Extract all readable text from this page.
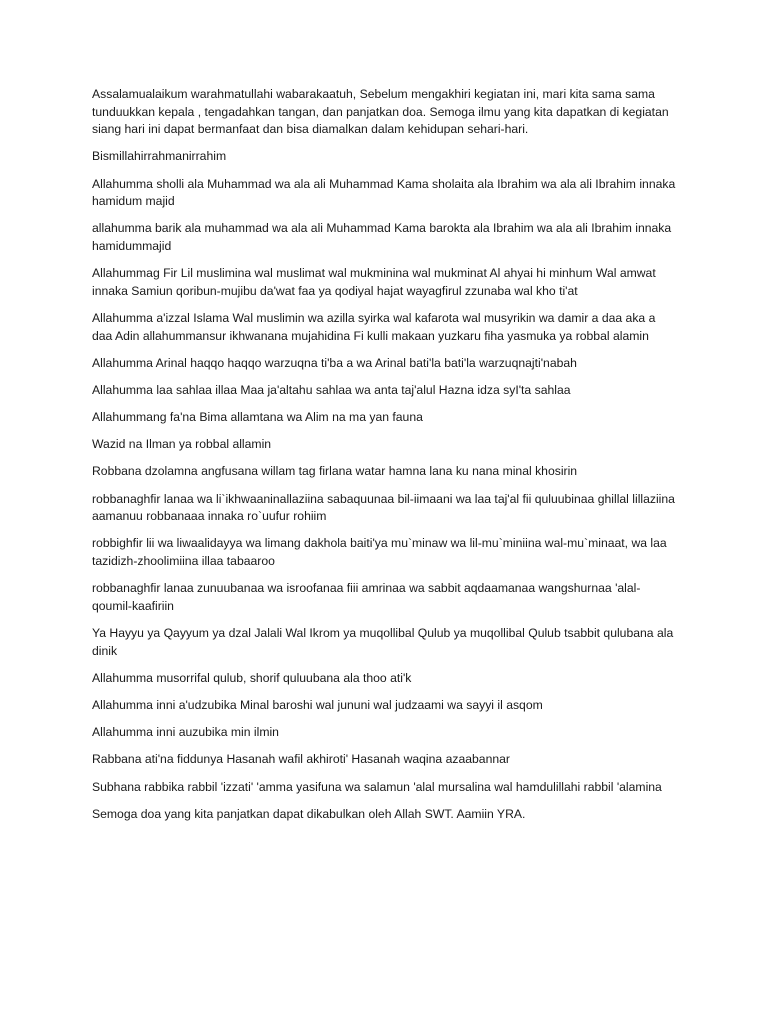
Assalamualaikum warahmatullahi wabarakaatuh, Sebelum mengakhiri kegiatan ini, mari kita sama sama tunduukkan kepala , tengadahkan tangan, dan panjatkan doa. Semoga ilmu yang kita dapatkan di kegiatan siang hari ini dapat bermanfaat dan bisa diamalkan dalam kehidupan sehari-hari.

Bismillahirrahmanirrahim

Allahumma sholli ala Muhammad wa ala ali Muhammad Kama sholaita ala Ibrahim wa ala ali Ibrahim innaka hamidum majid

allahumma barik ala muhammad wa ala ali Muhammad Kama barokta ala Ibrahim wa ala ali Ibrahim innaka hamidummajid

Allahummag Fir Lil muslimina wal muslimat wal mukminina wal mukminat Al ahyai hi minhum Wal amwat innaka Samiun qoribun-mujibu da'wat faa ya qodiyal hajat wayagfirul zzunaba wal kho ti'at

Allahumma a'izzal Islama Wal muslimin wa azilla syirka wal kafarota wal musyrikin wa damir a daa aka a daa Adin allahummansur ikhwanana mujahidina Fi kulli makaan yuzkaru fiha yasmuka ya robbal alamin

Allahumma Arinal haqqo haqqo warzuqna ti'ba a wa Arinal bati'la bati'la warzuqnajti'nabah

Allahumma laa sahlaa illaa Maa ja'altahu sahlaa wa anta taj'alul Hazna idza syI'ta sahlaa

Allahummang fa'na Bima allamtana wa Alim na ma yan fauna

Wazid na Ilman ya robbal allamin

Robbana dzolamna angfusana willam tag firlana watar hamna lana ku nana minal khosirin

robbanaghfir lanaa wa li`ikhwaaninallaziina sabaquunaa bil-iimaani wa laa taj'al fii quluubinaa ghillal lillaziina aamanuu robbanaaa innaka ro`uufur rohiim

robbighfir lii wa liwaalidayya wa limang dakhola baiti'ya mu`minaw wa lil-mu`miniina wal-mu`minaat, wa laa tazidizh-zhoolimiina illaa tabaaroo

robbanaghfir lanaa zunuubanaa wa isroofanaa fiii amrinaa wa sabbit aqdaamanaa wangshurnaa 'alal-qoumil-kaafiriin

Ya Hayyu ya Qayyum ya dzal Jalali Wal Ikrom ya muqollibal Qulub ya muqollibal Qulub tsabbit qulubana ala dinik

Allahumma musorrifal qulub, shorif quluubana ala thoo ati'k

Allahumma inni a'udzubika Minal baroshi wal jununi wal judzaami wa sayyi il asqom

Allahumma inni auzubika min ilmin

Rabbana ati'na fiddunya Hasanah wafil akhiroti' Hasanah waqina azaabannar

Subhana rabbika rabbil 'izzati' 'amma yasifuna wa salamun 'alal mursalina wal hamdulillahi rabbil 'alamina

Semoga doa yang kita panjatkan dapat dikabulkan oleh Allah SWT. Aamiin YRA.
